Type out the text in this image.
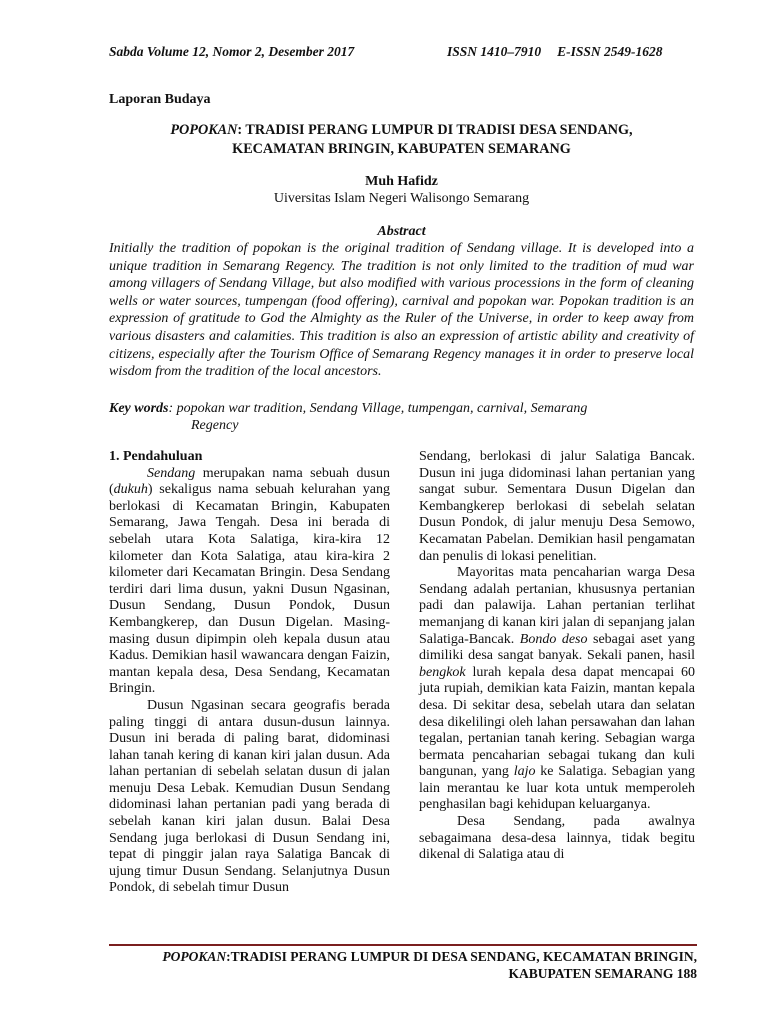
Sabda Volume 12, Nomor 2, Desember 2017	ISSN 1410–7910 E-ISSN 2549-1628
Laporan Budaya
POPOKAN: TRADISI PERANG LUMPUR DI TRADISI DESA SENDANG,
KECAMATAN BRINGIN, KABUPATEN SEMARANG
Muh Hafidz
Uiversitas Islam Negeri Walisongo Semarang
Abstract
Initially the tradition of popokan is the original tradition of Sendang village. It is developed into a unique tradition in Semarang Regency. The tradition is not only limited to the tradition of mud war among villagers of Sendang Village, but also modified with various processions in the form of cleaning wells or water sources, tumpengan (food offering), carnival and popokan war. Popokan tradition is an expression of gratitude to God the Almighty as the Ruler of the Universe, in order to keep away from various disasters and calamities. This tradition is also an expression of artistic ability and creativity of citizens, especially after the Tourism Office of Semarang Regency manages it in order to preserve local wisdom from the tradition of the local ancestors.
Key words: popokan war tradition, Sendang Village, tumpengan, carnival, Semarang
Regency

1. Pendahuluan

Sendang merupakan nama sebuah dusun (dukuh) sekaligus nama sebuah kelurahan yang berlokasi di Kecamatan Bringin, Kabupaten Semarang, Jawa Tengah. Desa ini berada di sebelah utara Kota Salatiga, kira-kira 12 kilometer dan Kota Salatiga, atau kira-kira 2 kilometer dari Kecamatan Bringin. Desa Sendang terdiri dari lima dusun, yakni Dusun Ngasinan, Dusun Sendang, Dusun Pondok, Dusun Kembangkerep, dan Dusun Digelan. Masing-masing dusun dipimpin oleh kepala dusun atau Kadus. Demikian hasil wawancara dengan Faizin, mantan kepala desa, Desa Sendang, Kecamatan Bringin.

Dusun Ngasinan secara geografis berada paling tinggi di antara dusun-dusun lainnya. Dusun ini berada di paling barat, didominasi lahan tanah kering di kanan kiri jalan dusun. Ada lahan pertanian di sebelah selatan dusun di jalan menuju Desa Lebak. Kemudian Dusun Sendang didominasi lahan pertanian padi yang berada di sebelah kanan kiri jalan dusun. Balai Desa Sendang juga berlokasi di Dusun Sendang ini, tepat di pinggir jalan raya Salatiga Bancak di ujung timur Dusun Sendang. Selanjutnya Dusun Pondok, di sebelah timur Dusun

Sendang, berlokasi di jalur Salatiga Bancak. Dusun ini juga didominasi lahan pertanian yang sangat subur. Sementara Dusun Digelan dan Kembangkerep berlokasi di sebelah selatan Dusun Pondok, di jalur menuju Desa Semowo, Kecamatan Pabelan. Demikian hasil pengamatan dan penulis di lokasi penelitian.

Mayoritas mata pencaharian warga Desa Sendang adalah pertanian, khususnya pertanian padi dan palawija. Lahan pertanian terlihat memanjang di kanan kiri jalan di sepanjang jalan Salatiga-Bancak. Bondo deso sebagai aset yang dimiliki desa sangat banyak. Sekali panen, hasil bengkok lurah kepala desa dapat mencapai 60 juta rupiah, demikian kata Faizin, mantan kepala desa. Di sekitar desa, sebelah utara dan selatan desa dikelilingi oleh lahan persawahan dan lahan tegalan, pertanian tanah kering. Sebagian warga bermata pencaharian sebagai tukang dan kuli bangunan, yang lajo ke Salatiga. Sebagian yang lain merantau ke luar kota untuk memperoleh penghasilan bagi kehidupan keluarganya.

Desa Sendang, pada awalnya sebagaimana desa-desa lainnya, tidak begitu dikenal di Salatiga atau di

POPOKAN:TRADISI PERANG LUMPUR DI DESA SENDANG, KECAMATAN BRINGIN,
KABUPATEN SEMARANG 188
